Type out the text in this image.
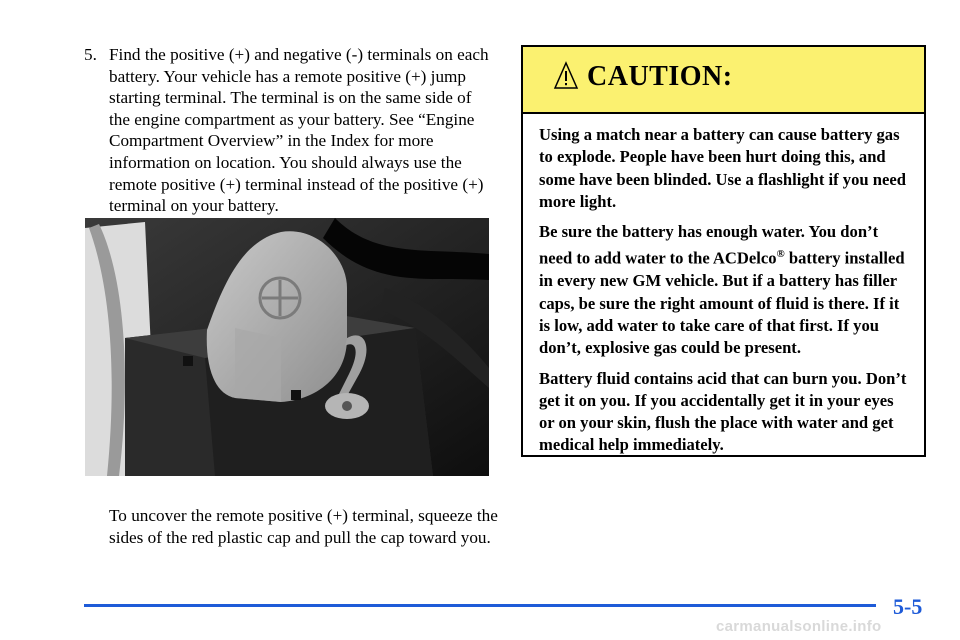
5. Find the positive (+) and negative (-) terminals on each battery. Your vehicle has a remote positive (+) jump starting terminal. The terminal is on the same side of the engine compartment as your battery. See “Engine Compartment Overview” in the Index for more information on location. You should always use the remote positive (+) terminal instead of the positive (+) terminal on your battery.
To uncover the remote positive (+) terminal, squeeze the sides of the red plastic cap and pull the cap toward you.
CAUTION:

Using a match near a battery can cause battery gas to explode. People have been hurt doing this, and some have been blinded. Use a flashlight if you need more light.

Be sure the battery has enough water. You don’t need to add water to the ACDelco® battery installed in every new GM vehicle. But if a battery has filler caps, be sure the right amount of fluid is there. If it is low, add water to take care of that first. If you don’t, explosive gas could be present.

Battery fluid contains acid that can burn you. Don’t get it on you. If you accidentally get it in your eyes or on your skin, flush the place with water and get medical help immediately.

5-5
carmanualsonline.info
